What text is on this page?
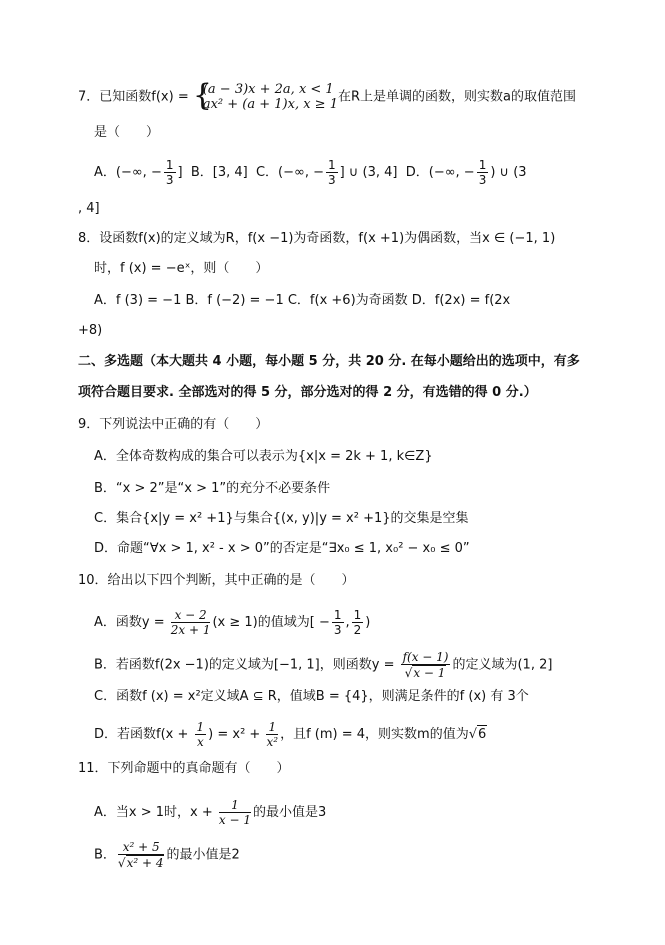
7．已知函数f(x) = {
(a − 3)x + 2a, x < 1
ax² + (a + 1)x, x ≥ 1 在R上是单调的函数，则实数a的取值范围
是（　　）
A．(−∞, − $\frac{1}{3}$ ] B．[3, 4] C．(−∞, − $\frac{1}{3}$ ] ∪ (3, 4] D．(−∞, − $\frac{1}{3}$ ) ∪ (3
, 4]
8．设函数f(x)的定义域为R，f(x −1)为奇函数，f(x +1)为偶函数，当x ∈ (−1, 1)
时，f (x) = −eˣ，则（　　）
A．f (3) = −1 B．f (−2) = −1 C．f(x +6)为奇函数 D．f(2x) = f(2x
+8)
二、多选题（本大题共 4 小题，每小题 5 分，共 20 分. 在每小题给出的选项中，有多
项符合题目要求. 全部选对的得 5 分，部分选对的得 2 分，有选错的得 0 分.）
9．下列说法中正确的有（　　）
A．全体奇数构成的集合可以表示为{x|x = 2k + 1, k∈Z}
B．“x > 2”是“x > 1”的充分不必要条件
C．集合{x|y = x² +1}与集合{(x, y)|y = x² +1}的交集是空集
D．命题“∀x > 1, x² - x > 0”的否定是“∃x₀ ≤ 1, x₀² − x₀ ≤ 0”
10．给出以下四个判断，其中正确的是（　　）
A．函数$y = \frac{x - 2}{2x + 1} (x \ge 1)$的值域为[ − $\frac{1}{3}$ , $\frac{1}{2}$ )
B．若函数f(2x −1)的定义域为[−1, 1]，则函数$y = \frac{f(x - 1)}{√x - 1}$ 的定义域为(1, 2]
C．函数f (x) = x²定义域A ⊆ R，值域B = {4}，则满足条件的f (x) 有 3个
D．若函数$f(x + \frac{1}{x}$ ) = $x^2 + \frac{1}{\text{x²}}$ ，且f (m) = 4，则实数m的值为√6
11．下列命题中的真命题有（　　）
A．当x > 1时，$x + \frac{1}{x - 1}$ 的最小值是3
B． $\frac{\text{x² + 5}}{\text{√x² + 4}}$ 的最小值是2
